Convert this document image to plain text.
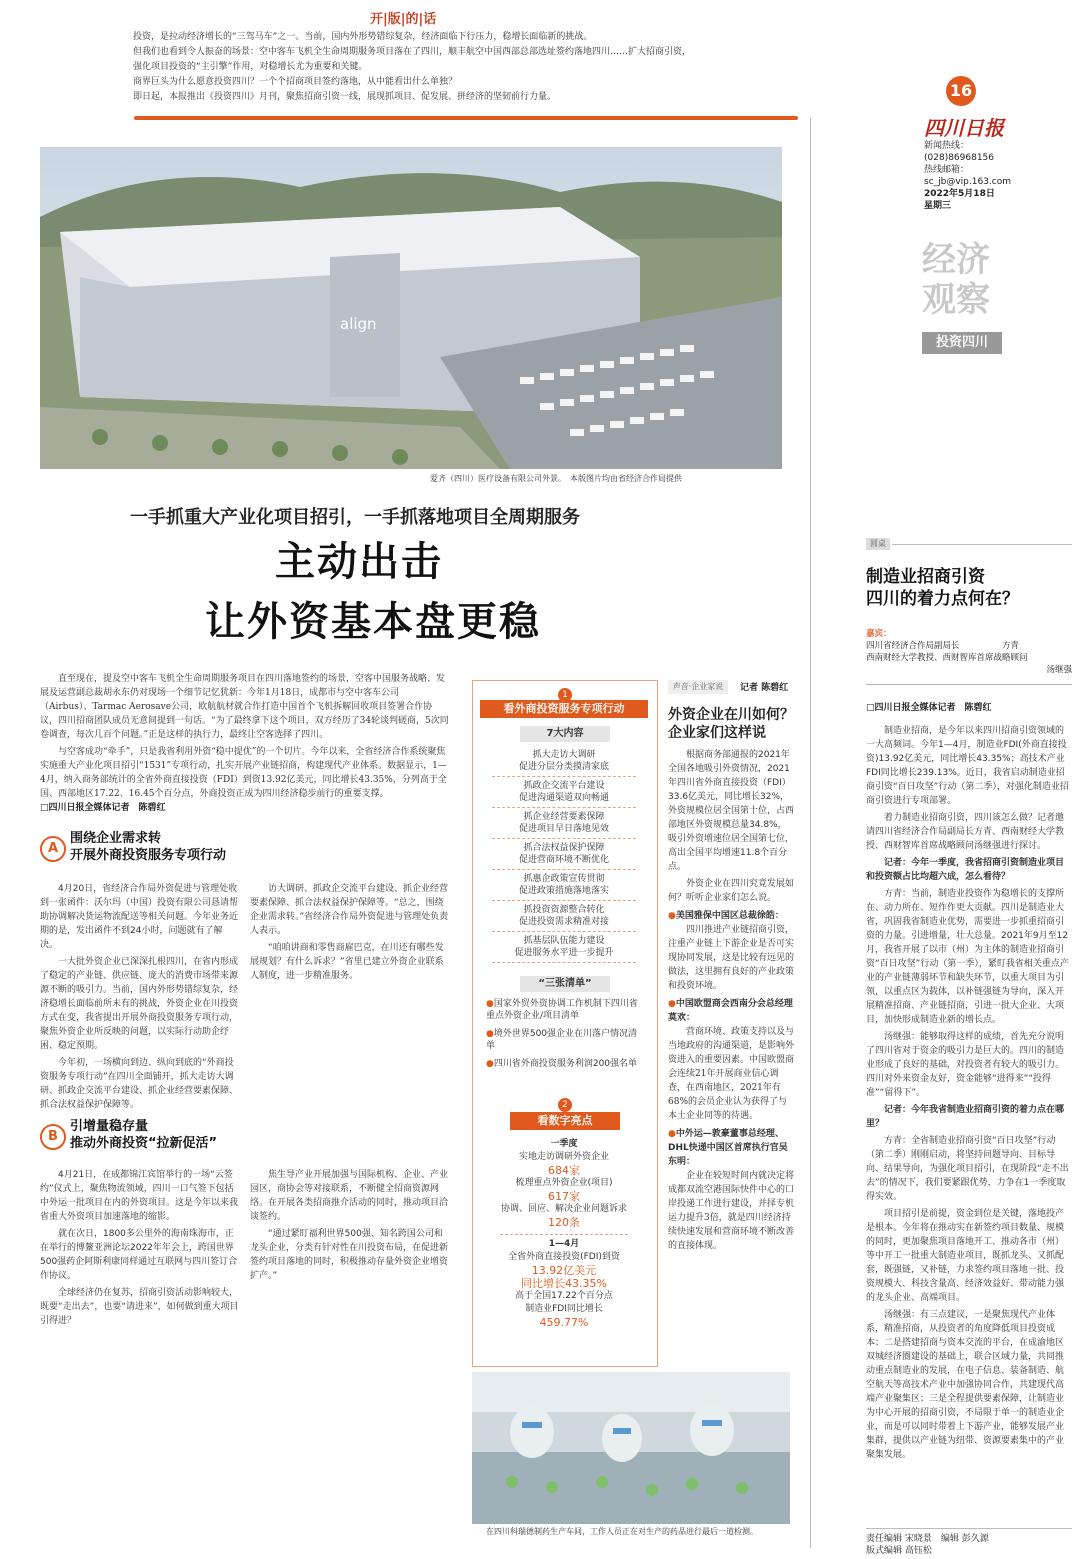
开|版|的|话

投资，是拉动经济增长的“三驾马车”之一。当前，国内外形势错综复杂，经济面临下行压力，稳增长面临新的挑战。

但我们也看到令人振奋的场景：空中客车飞机全生命周期服务项目落在了四川，顺丰航空中国西部总部选址签约落地四川……扩大招商引资，强化项目投资的“主引擎”作用，对稳增长尤为重要和关键。

商界巨头为什么愿意投资四川？一个个招商项目签约落地，从中能看出什么单独？

即日起，本报推出《投资四川》月刊，聚焦招商引资一线，展现抓项目、促发展、拼经济的坚韧前行力量。	16
四川日报
新闻热线：
(028)86968156
热线邮箱：
sc_jb@vip.163.com
2022年5月18日
星期三
经济
观察
投资四川
align
爱齐（四川）医疗设备有限公司外景。　本版图片均由省经济合作局提供
一手抓重大产业化项目招引，一手抓落地项目全周期服务
主动出击
让外资基本盘更稳

直至现在，提及空中客车飞机全生命周期服务项目在四川落地签约的场景，空客中国服务战略、发展及运营副总裁胡永东仍对现场一个细节记忆犹新：今年1月18日，成都市与空中客车公司（Airbus）、Tarmac Aerosave公司，欧航航材就合作打造中国首个飞机拆解回收项目签署合作协议，四川招商团队成员无意间提到一句话。“为了最终拿下这个项目，双方经历了34轮谈判磋商，5次同卷调查，每次几百个问题。”正是这样的执行力，最终让空客选择了四川。

与空客成功“牵手”，只是我省利用外资“稳中提优”的一个切片。今年以来，全省经济合作系统聚焦实施重大产业化项目招引“1531”专项行动，扎实开展产业链招商，构建现代产业体系。数据显示，1—4月，纳入商务部统计的全省外商直接投资（FDI）到资13.92亿美元，同比增长43.35%，分列高于全国、西部地区17.22、16.45个百分点，外商投资正成为四川经济稳步前行的重要支撑。

□四川日报全媒体记者　陈碧红
A
围绕企业需求转
开展外商投资服务专项行动

4月20日，省经济合作局外资促进与管理处收到一张函件：沃尔玛（中国）投资有限公司恳请帮助协调解决货运物流配送等相关问题。今年业务近期的是，发出函件不到24小时，问题就有了解决。

一大批外资企业已深深扎根四川，在省内形成了稳定的产业链、供应链、庞大的消费市场带来源源不断的吸引力。当前，国内外形势错综复杂，经济稳增长面临前所未有的挑战，外资企业在川投资方式在变，我省提出开展外商投资服务专项行动，聚焦外资企业所反映的问题，以实际行动助企纾困、稳定预期。

今年初，一场横向到边、纵向到底的“外商投资服务专项行动”在四川全面铺开，抓大走访大调研、抓政企交流平台建设、抓企业经营要素保障、抓合法权益保护保障等。

访大调研、抓政企交流平台建设、抓企业经营要素保障、抓合法权益保护保障等。“总之，围绕企业需求转。”省经济合作局外资促进与管理处负责人表示。

“咱咱讲商和零售商雇巴克，在川还有哪些发展规划？有什么诉求？”省里已建立外资企业联系人制度，进一步精准服务。

B
引增量稳存量
推动外商投资“拉新促活”

4月21日，在成都锦江宾馆举行的一场“云签约”仪式上，聚焦物流领域，四川一口气签下包括中外运一批项目在内的外资项目。这是今年以来我省重大外资项目加速落地的缩影。

就在次日，1800多公里外的海南珠海市，正在举行的博鳌亚洲论坛2022年年会上，跨国世界500强药企阿斯利康同样通过互联网与四川签订合作协议。

全球经济仍在复苏，招商引资活动影响较大，既要“走出去”，也要“请进来”，如何做到重大项目引得进？

焦生导产业开展加强与国际机构、企业、产业园区，商协会等对接联系，不断健全招商资源网络。在开展各类招商推介活动的同时，推动项目洽谈签约。

“通过紧盯福利世界500强、知名跨国公司和龙头企业，分类有针对性在川投资布局，在促进新签约项目落地的同时，积极推动存量外资企业增资扩产。”

1
看外商投资服务专项行动
7大内容
抓大走访大调研
促进分层分类摸清家底
抓政企交流平台建设
促进沟通渠道双向畅通
抓企业经营要素保障
促进项目早日落地见效
抓合法权益保护保障
促进营商环境不断优化
抓惠企政策宣传贯彻
促进政策措施落地落实
抓投资资源整合转化
促进投资需求精准对接
抓基层队伍能力建设
促进服务水平进一步提升
“三张清单”
●国家外贸外资协调工作机制下四川省重点外资企业/项目清单
●境外世界500强企业在川落户情况清单
●四川省外商投资服务利润200强名单
2
看数字亮点
一季度
实地走访调研外资企业
684家
梳理重点外资企业(项目)
617家
协调、回应、解决企业问题诉求
120条
1—4月
全省外商直接投资(FDI)到资
13.92亿美元
同比增长43.35%
高于全国17.22个百分点
制造业FDI同比增长
459.77%
声音·企业家说	记者 陈碧红
外资企业在川如何？
企业家们这样说

根据商务部通报的2021年全国各地吸引外资情况，2021年四川省外商直接投资（FDI）33.6亿美元，同比增长32%，外资规模位居全国第十位，占西部地区外资规模总量34.8%，吸引外资增速位居全国第七位，高出全国平均增速11.8个百分点。

外资企业在四川究竟发展如何？听听企业家们怎么说。

●美国雅保中国区总裁徐皓：

四川推进产业链招商引资，注重产业链上下游企业是否可实现协同发展，这是比较有远见的做法，这里拥有良好的产业政策和投资环境。

●中国欧盟商会西南分会总经理莫欢：

营商环境、政策支持以及与当地政府的沟通渠道，是影响外资进入的重要因素。中国欧盟商会连续21年开展商业信心调查，在西南地区，2021年有68%的会员企业认为获得了与本土企业同等的待遇。

●中外运—敦豪董事总经理、DHL快递中国区首席执行官吴东明：

企业在较短时间内就决定将成都双流空港国际快件中心的口岸投递工作进行建设，并择专机运力提升3倍，就是四川经济持续快速发展和营商环境不断改善的直接体现。

在四川科瑞德制药生产车间，工作人员正在对生产的药品进行最后一道检测。
圆桌
制造业招商引资
四川的着力点何在？
嘉宾：
四川省经济合作局副局长　　　　　方青
西南财经大学教授、西财智库首席战略顾问
汤继强
□四川日报全媒体记者　陈碧红

制造业招商，是今年以来四川招商引资领域的一大高频词。今年1—4月，制造业FDI(外商直接投资)13.92亿美元，同比增长43.35%；高技术产业FDI同比增长239.13%。近日，我省启动制造业招商引资“百日攻坚”行动（第二季），对强化制造业招商引资进行专项部署。

着力制造业招商引资，四川该怎么做？记者邀请四川省经济合作局副局长方青、西南财经大学教授、西财智库首席战略顾问汤继强进行探讨。

记者：今年一季度，我省招商引资制造业项目和投资额占比均超六成，怎么看待？

方青：当前，制造业投资作为稳增长的支撑所在、动力所在、短作作更大贡献。四川是制造业大省，巩固我省制造业优势，需要进一步抓重招商引资的力量。引进增量，壮大总量。2021年9月至12月，我省开展了以市（州）为主体的制造业招商引资“百日攻坚”行动（第一季），紧盯我省相关重点产业的产业链薄弱环节和缺失环节，以重大项目为引领，以重点区为载体，以补链强链为导向，深入开展精准招商、产业链招商，引进一批大企业、大项目，加快形成制造业新的增长点。

汤继强：能够取得这样的成绩，首先充分说明了四川省对于资金的吸引力是巨大的。四川的制造业形成了良好的基础，对投资者有较大的吸引力。四川对外来资金友好，资金能够“进得来”“投得准”“留得下”。

记者：今年我省制造业招商引资的着力点在哪里？

方青：全省制造业招商引资“百日攻坚”行动（第二季）刚刚启动，将坚持问题导向、目标导向、结果导向，为强化项目招引，在现阶段“走不出去”的情况下，我们要紧跟优势，力争在1一季度取得实效。

项目招引是前提，资金到位是关键，落地投产是根本。今年将在推动实在新签约项目数量、规模的同时，更加聚焦项目落地开工、推动各市（州）等中开工一批重大制造业项目，既抓龙头、又抓配套，既强链，又补链，力求签约项目落地一批、投资规模大、科技含量高、经济效益好、带动能力强的龙头企业、高端项目。

汤继强：有三点建议，一是聚焦现代产业体系，精准招商，从投资者的角度降低项目投资成本；二是搭建招商与资本交流的平台，在成渝地区双城经济圈建设的基础上，联合区域力量，共同推动重点制造业的发展，在电子信息、装备制造、航空航天等高技术产业中加强协同合作，共建现代高端产业聚集区；三是全程提供要素保障，让制造业为中心开展的招商引资，不局限于单一的制造业企业，而是可以同时带着上下游产业，能够发展产业集群，提供以产业链为纽带、资源要素集中的产业聚集发展。

责任编辑 宋晓景　编辑 彭久源
版式编辑 高钰松
